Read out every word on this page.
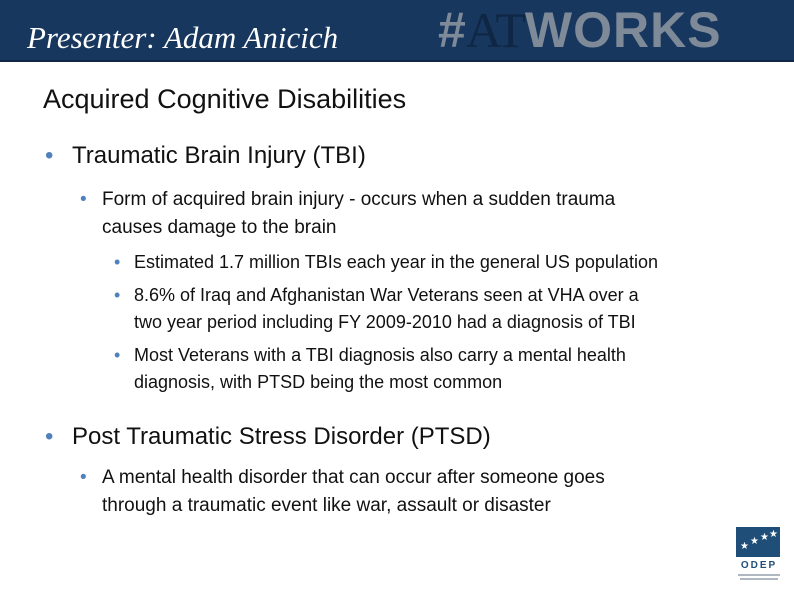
Presenter: Adam Anicich #ATWORKS
Acquired Cognitive Disabilities
• Traumatic Brain Injury (TBI)
• Form of acquired brain injury - occurs when a sudden trauma
causes damage to the brain
• Estimated 1.7 million TBIs each year in the general US population
• 8.6% of Iraq and Afghanistan War Veterans seen at VHA over a
two year period including FY 2009-2010 had a diagnosis of TBI
• Most Veterans with a TBI diagnosis also carry a mental health
diagnosis, with PTSD being the most common
• Post Traumatic Stress Disorder (PTSD)
• A mental health disorder that can occur after someone goes
through a traumatic event like war, assault or disaster
★ ★ ★ ★
ODEP
